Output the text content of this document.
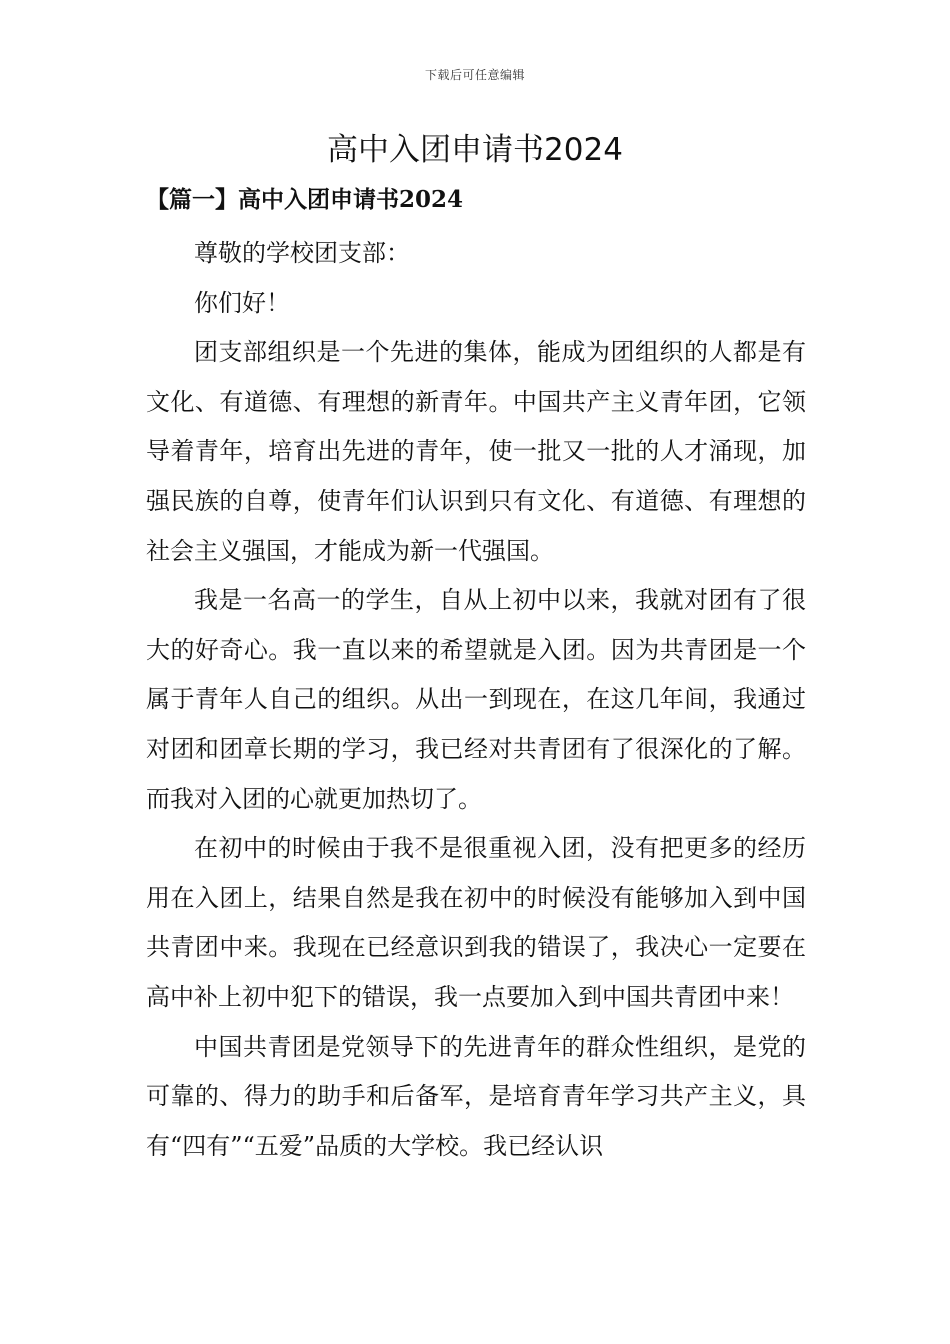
下载后可任意编辑
高中入团申请书2024
【篇一】高中入团申请书2024

尊敬的学校团支部：

你们好！

团支部组织是一个先进的集体，能成为团组织的人都是有文化、有道德、有理想的新青年。中国共产主义青年团，它领导着青年，培育出先进的青年，使一批又一批的人才涌现，加强民族的自尊，使青年们认识到只有文化、有道德、有理想的社会主义强国，才能成为新一代强国。

我是一名高一的学生，自从上初中以来，我就对团有了很大的好奇心。我一直以来的希望就是入团。因为共青团是一个属于青年人自己的组织。从出一到现在，在这几年间，我通过对团和团章长期的学习，我已经对共青团有了很深化的了解。而我对入团的心就更加热切了。

在初中的时候由于我不是很重视入团，没有把更多的经历用在入团上，结果自然是我在初中的时候没有能够加入到中国共青团中来。我现在已经意识到我的错误了，我决心一定要在高中补上初中犯下的错误，我一点要加入到中国共青团中来！

中国共青团是党领导下的先进青年的群众性组织，是党的可靠的、得力的助手和后备军，是培育青年学习共产主义，具有“四有”“五爱”品质的大学校。我已经认识
